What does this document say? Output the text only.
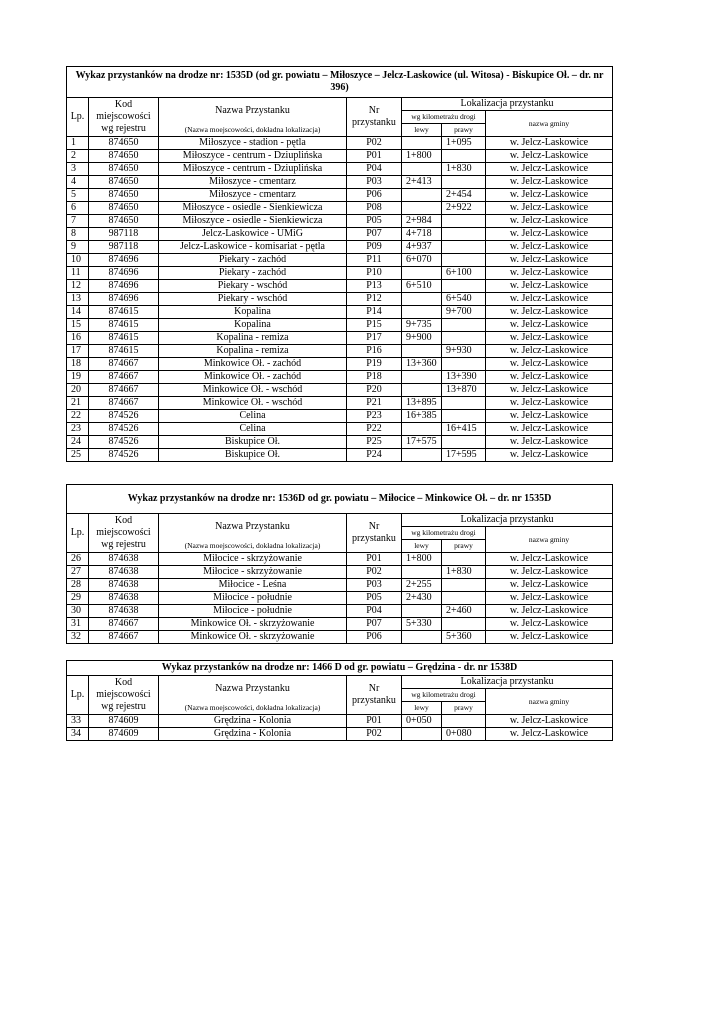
Wykaz przystanków na drodze nr: 1535D (od gr. powiatu – Miłoszyce – Jelcz-Laskowice (ul. Witosa) - Biskupice Oł. – dr. nr 396)						
Lp.	Kod
miejscowości
wg rejestru	Nazwa Przystanku	Nr
przystanku	Lokalizacja przystanku		
				wg kilometrażu drogi		nazwa gminy
		(Nazwa moejscowości, dokładna lokalizacja)		lewy	prawy	
1	874650	Miłoszyce - stadion - pętla	P02		1+095	w. Jelcz-Laskowice
2	874650	Miłoszyce - centrum - Dziuplińska	P01	1+800		w. Jelcz-Laskowice
3	874650	Miłoszyce - centrum - Dziuplińska	P04		1+830	w. Jelcz-Laskowice
4	874650	Miłoszyce - cmentarz	P03	2+413		w. Jelcz-Laskowice
5	874650	Miłoszyce - cmentarz	P06		2+454	w. Jelcz-Laskowice
6	874650	Miłoszyce - osiedle - Sienkiewicza	P08		2+922	w. Jelcz-Laskowice
7	874650	Miłoszyce - osiedle - Sienkiewicza	P05	2+984		w. Jelcz-Laskowice
8	987118	Jelcz-Laskowice - UMiG	P07	4+718		w. Jelcz-Laskowice
9	987118	Jelcz-Laskowice - komisariat - pętla	P09	4+937		w. Jelcz-Laskowice
10	874696	Piekary - zachód	P11	6+070		w. Jelcz-Laskowice
11	874696	Piekary - zachód	P10		6+100	w. Jelcz-Laskowice
12	874696	Piekary - wschód	P13	6+510		w. Jelcz-Laskowice
13	874696	Piekary - wschód	P12		6+540	w. Jelcz-Laskowice
14	874615	Kopalina	P14		9+700	w. Jelcz-Laskowice
15	874615	Kopalina	P15	9+735		w. Jelcz-Laskowice
16	874615	Kopalina - remiza	P17	9+900		w. Jelcz-Laskowice
17	874615	Kopalina - remiza	P16		9+930	w. Jelcz-Laskowice
18	874667	Minkowice Oł. - zachód	P19	13+360		w. Jelcz-Laskowice
19	874667	Minkowice Oł. - zachód	P18		13+390	w. Jelcz-Laskowice
20	874667	Minkowice Oł. - wschód	P20		13+870	w. Jelcz-Laskowice
21	874667	Minkowice Oł. - wschód	P21	13+895		w. Jelcz-Laskowice
22	874526	Celina	P23	16+385		w. Jelcz-Laskowice
23	874526	Celina	P22		16+415	w. Jelcz-Laskowice
24	874526	Biskupice Oł.	P25	17+575		w. Jelcz-Laskowice
25	874526	Biskupice Oł.	P24		17+595	w. Jelcz-Laskowice
Wykaz przystanków na drodze nr: 1536D od gr. powiatu – Miłocice – Minkowice Oł. – dr. nr 1535D						
Lp.	Kod
miejscowości
wg rejestru	Nazwa Przystanku	Nr
przystanku	Lokalizacja przystanku		
				wg kilometrażu drogi		nazwa gminy
		(Nazwa moejscowości, dokładna lokalizacja)		lewy	prawy	
26	874638	Miłocice - skrzyżowanie	P01	1+800		w. Jelcz-Laskowice
27	874638	Miłocice - skrzyżowanie	P02		1+830	w. Jelcz-Laskowice
28	874638	Miłocice - Leśna	P03	2+255		w. Jelcz-Laskowice
29	874638	Miłocice - południe	P05	2+430		w. Jelcz-Laskowice
30	874638	Miłocice - południe	P04		2+460	w. Jelcz-Laskowice
31	874667	Minkowice Oł. - skrzyżowanie	P07	5+330		w. Jelcz-Laskowice
32	874667	Minkowice Oł. - skrzyżowanie	P06		5+360	w. Jelcz-Laskowice
Wykaz przystanków na drodze nr: 1466 D od gr. powiatu – Grędzina - dr. nr 1538D						
Lp.	Kod
miejscowości
wg rejestru	Nazwa Przystanku	Nr
przystanku	Lokalizacja przystanku		
				wg kilometrażu drogi		nazwa gminy
		(Nazwa moejscowości, dokładna lokalizacja)		lewy	prawy	
33	874609	Grędzina - Kolonia	P01	0+050		w. Jelcz-Laskowice
34	874609	Grędzina - Kolonia	P02		0+080	w. Jelcz-Laskowice
